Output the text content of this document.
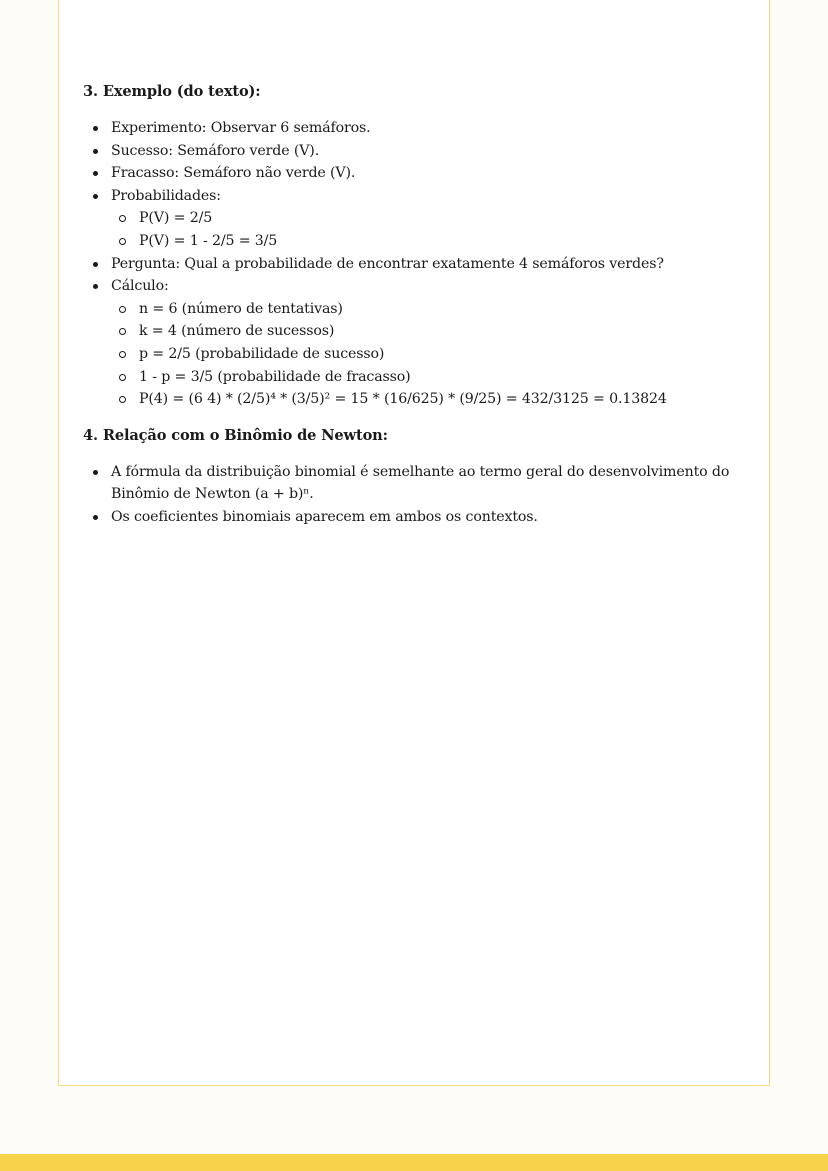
3. Exemplo (do texto):
Experimento: Observar 6 semáforos.
Sucesso: Semáforo verde (V).
Fracasso: Semáforo não verde (V).
Probabilidades:
P(V) = 2/5
P(V) = 1 - 2/5 = 3/5
Pergunta: Qual a probabilidade de encontrar exatamente 4 semáforos verdes?
Cálculo:
n = 6 (número de tentativas)
k = 4 (número de sucessos)
p = 2/5 (probabilidade de sucesso)
1 - p = 3/5 (probabilidade de fracasso)
P(4) = (6 4) * (2/5)⁴ * (3/5)² = 15 * (16/625) * (9/25) = 432/3125 = 0.13824
4. Relação com o Binômio de Newton:
A fórmula da distribuição binomial é semelhante ao termo geral do desenvolvimento do Binômio de Newton (a + b)ⁿ.
Os coeficientes binomiais aparecem em ambos os contextos.
